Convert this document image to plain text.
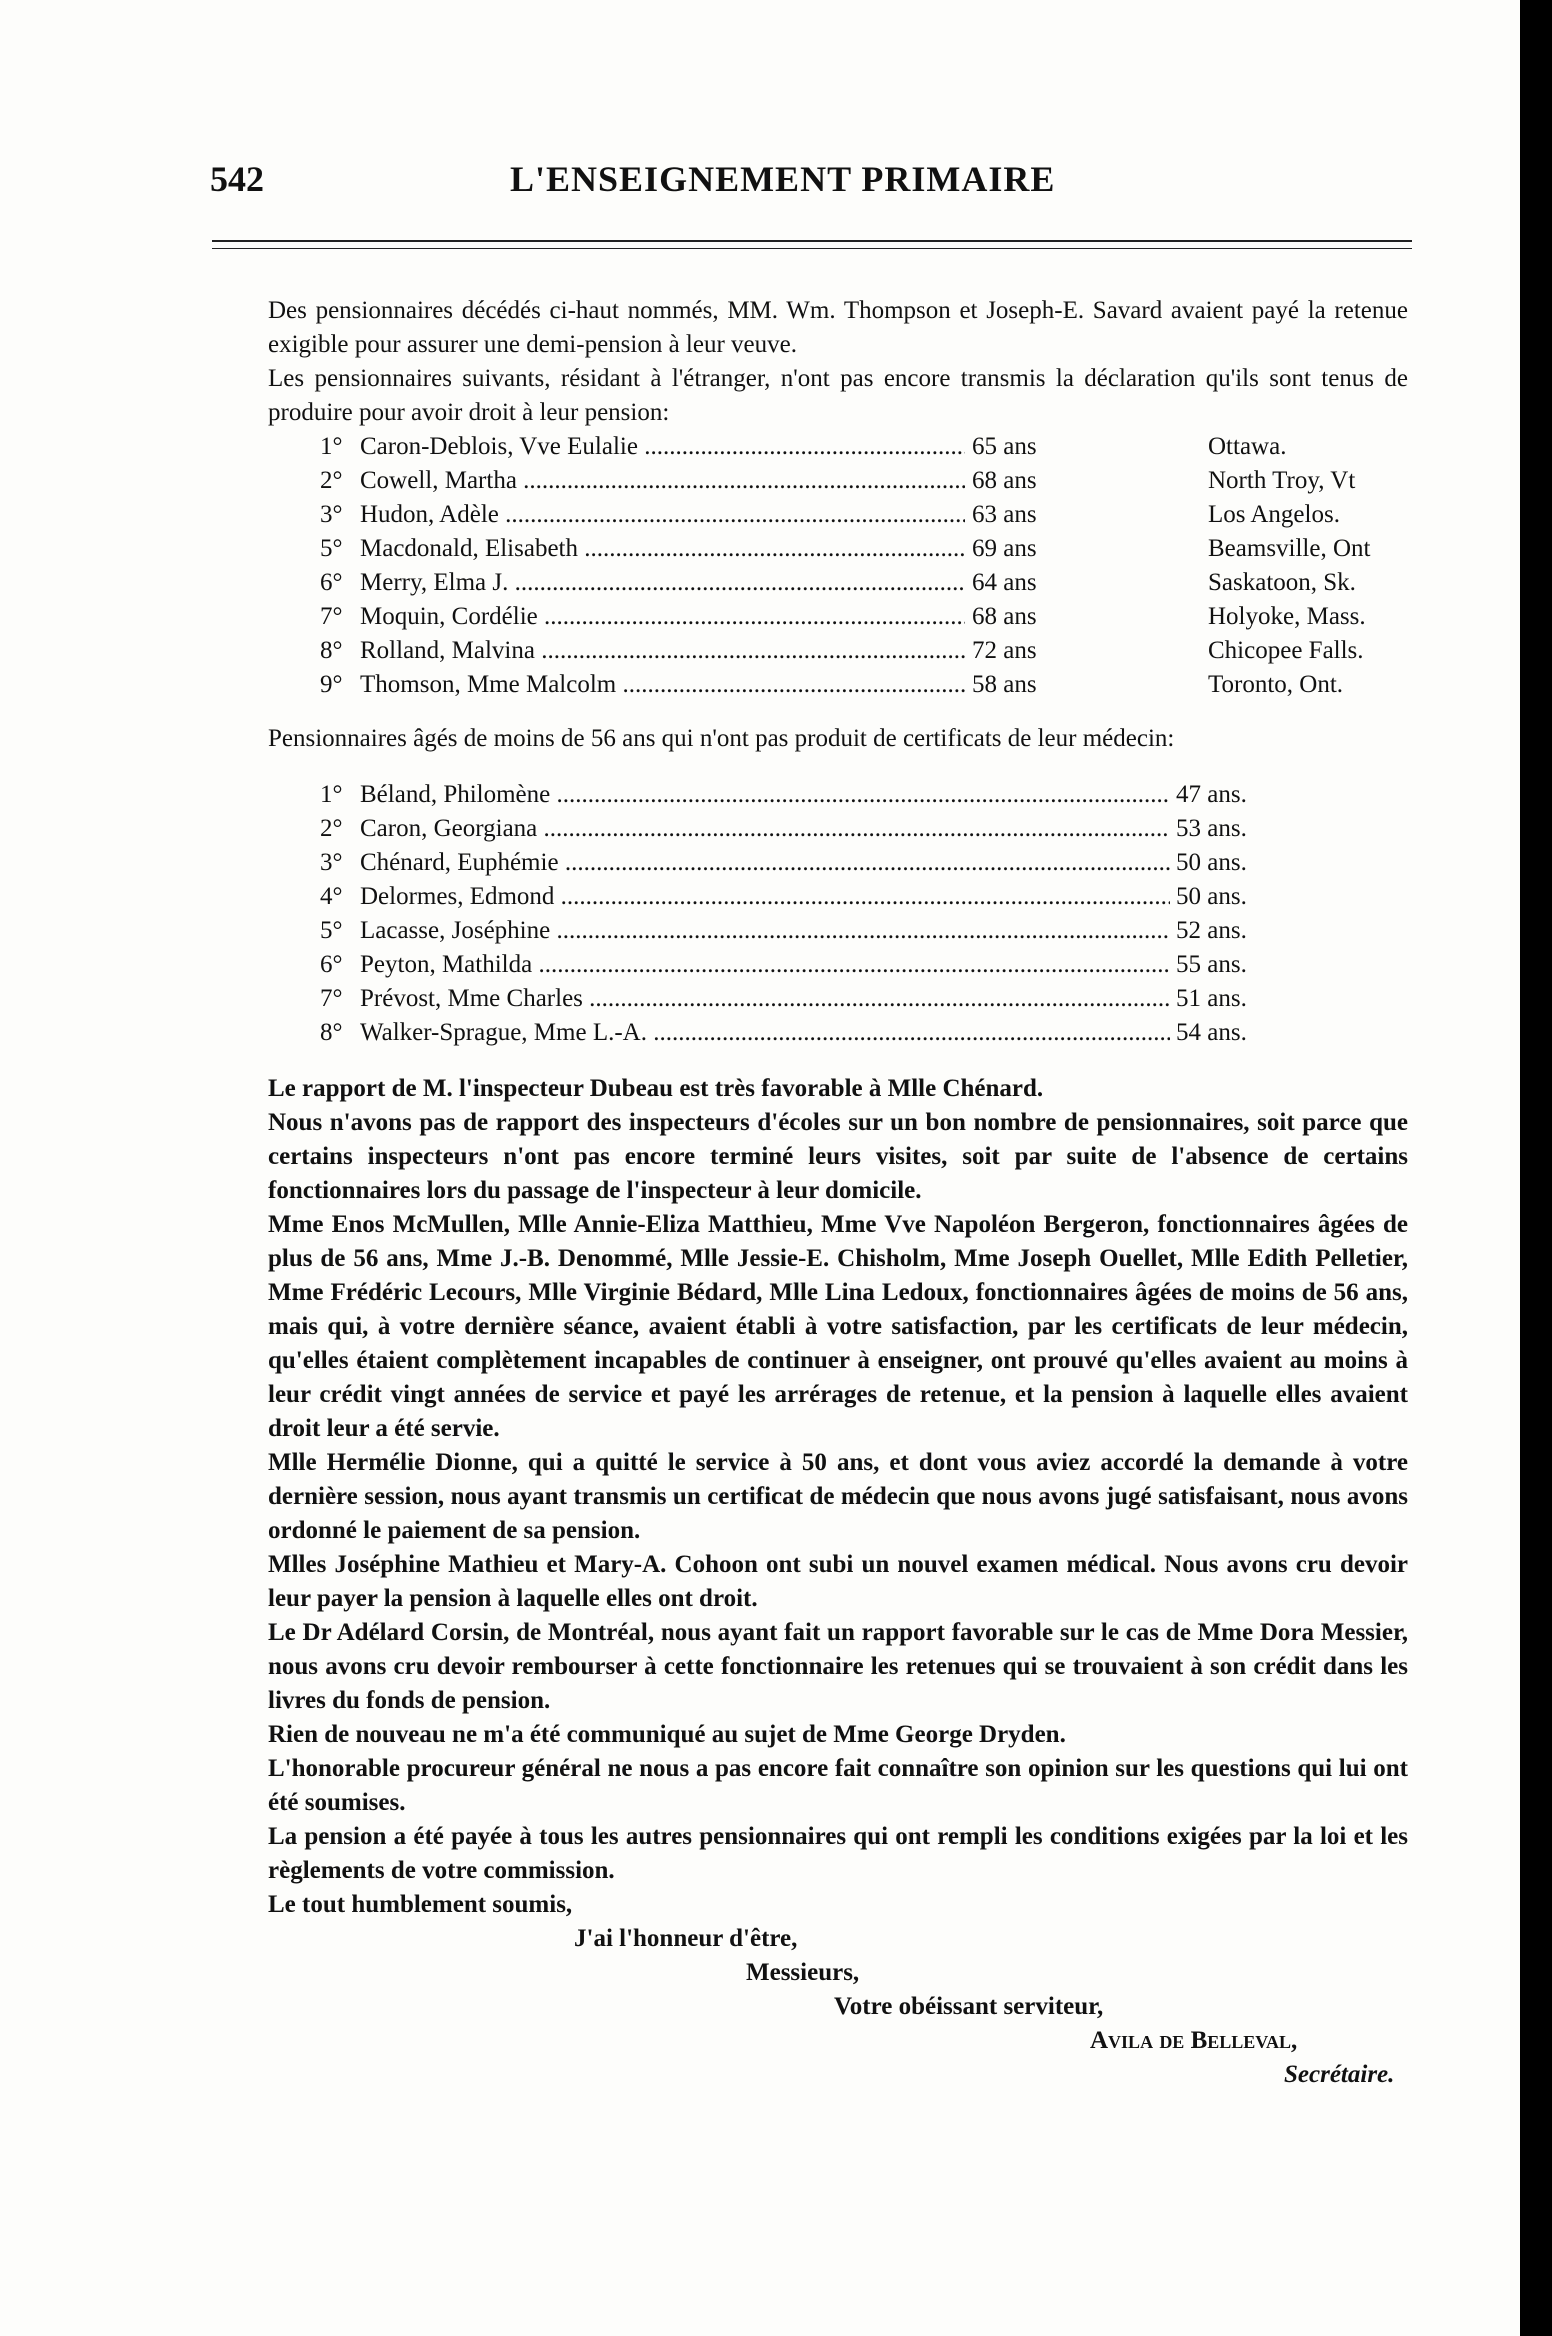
542	L'ENSEIGNEMENT PRIMAIRE

Des pensionnaires décédés ci-haut nommés, MM. Wm. Thompson et Joseph-E. Savard avaient payé la retenue exigible pour assurer une demi-pension à leur veuve.

Les pensionnaires suivants, résidant à l'étranger, n'ont pas encore transmis la déclaration qu'ils sont tenus de produire pour avoir droit à leur pension:

1° Caron-Deblois, Vve Eulalie .....	65 ans	Ottawa.
2° Cowell, Martha .....	68 ans	North Troy, Vt
3° Hudon, Adèle .....	63 ans	Los Angelos.
5° Macdonald, Elisabeth .....	69 ans	Beamsville, Ont
6° Merry, Elma J. .....	64 ans	Saskatoon, Sk.
7° Moquin, Cordélie .....	68 ans	Holyoke, Mass.
8° Rolland, Malvina .....	72 ans	Chicopee Falls.
9° Thomson, Mme Malcolm .....	58 ans	Toronto, Ont.

Pensionnaires âgés de moins de 56 ans qui n'ont pas produit de certificats de leur médecin:

1° Béland, Philomène .....	47 ans.
2° Caron, Georgiana .....	53 ans.
3° Chénard, Euphémie .....	50 ans.
4° Delormes, Edmond .....	50 ans.
5° Lacasse, Joséphine .....	52 ans.
6° Peyton, Mathilda .....	55 ans.
7° Prévost, Mme Charles .....	51 ans.
8° Walker-Sprague, Mme L.-A. .....	54 ans.

Le rapport de M. l'inspecteur Dubeau est très favorable à Mlle Chénard.

Nous n'avons pas de rapport des inspecteurs d'écoles sur un bon nombre de pensionnaires, soit parce que certains inspecteurs n'ont pas encore terminé leurs visites, soit par suite de l'absence de certains fonctionnaires lors du passage de l'inspecteur à leur domicile.

Mme Enos McMullen, Mlle Annie-Eliza Matthieu, Mme Vve Napoléon Bergeron, fonctionnaires âgées de plus de 56 ans, Mme J.-B. Denommé, Mlle Jessie-E. Chisholm, Mme Joseph Ouellet, Mlle Edith Pelletier, Mme Frédéric Lecours, Mlle Virginie Bédard, Mlle Lina Ledoux, fonctionnaires âgées de moins de 56 ans, mais qui, à votre dernière séance, avaient établi à votre satisfaction, par les certificats de leur médecin, qu'elles étaient complètement incapables de continuer à enseigner, ont prouvé qu'elles avaient au moins à leur crédit vingt années de service et payé les arrérages de retenue, et la pension à laquelle elles avaient droit leur a été servie.

Mlle Hermélie Dionne, qui a quitté le service à 50 ans, et dont vous aviez accordé la demande à votre dernière session, nous ayant transmis un certificat de médecin que nous avons jugé satisfaisant, nous avons ordonné le paiement de sa pension.

Mlles Joséphine Mathieu et Mary-A. Cohoon ont subi un nouvel examen médical. Nous avons cru devoir leur payer la pension à laquelle elles ont droit.

Le Dr Adélard Corsin, de Montréal, nous ayant fait un rapport favorable sur le cas de Mme Dora Messier, nous avons cru devoir rembourser à cette fonctionnaire les retenues qui se trouvaient à son crédit dans les livres du fonds de pension.

Rien de nouveau ne m'a été communiqué au sujet de Mme George Dryden.

L'honorable procureur général ne nous a pas encore fait connaître son opinion sur les questions qui lui ont été soumises.

La pension a été payée à tous les autres pensionnaires qui ont rempli les conditions exigées par la loi et les règlements de votre commission.

Le tout humblement soumis,

J'ai l'honneur d'être,
Messieurs,
Votre obéissant serviteur,
Avila de Belleval,
Secrétaire.
